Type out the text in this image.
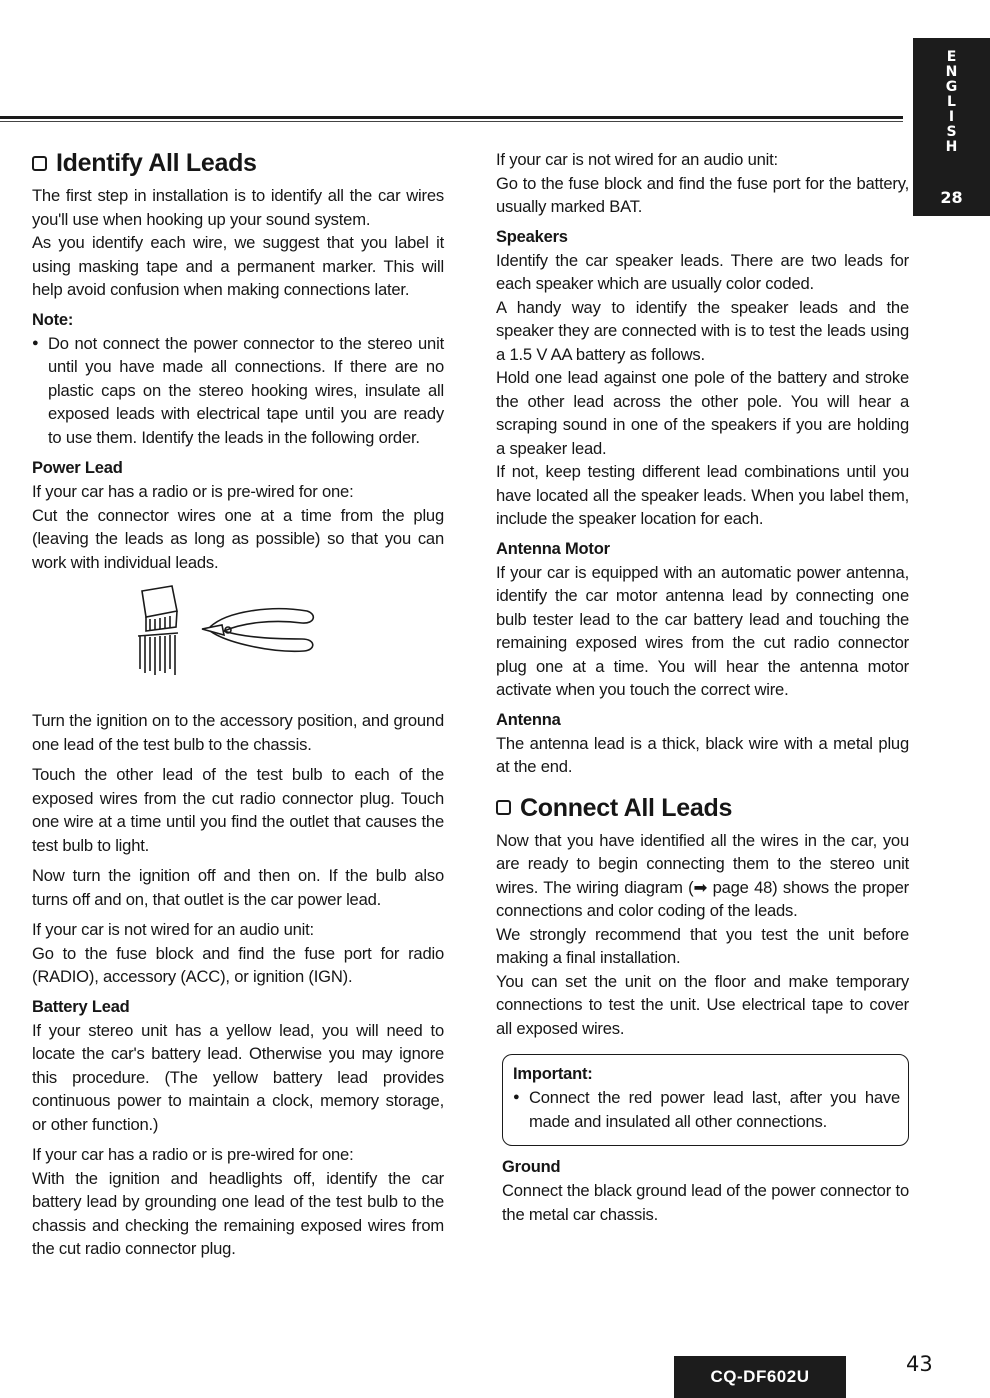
E
N
G
L
I
S
H
28
Identify All Leads

The first step in installation is to identify all the car wires you'll use when hooking up your sound system.

As you identify each wire, we suggest that you label it using masking tape and a permanent marker. This will help avoid confusion when making connections later.

Note:
● Do not connect the power connector to the stereo unit until you have made all connections. If there are no plastic caps on the stereo hooking wires, insulate all exposed leads with electrical tape until you are ready to use them. Identify the leads in the following order.
Power Lead

If your car has a radio or is pre-wired for one:

Cut the connector wires one at a time from the plug (leaving the leads as long as possible) so that you can work with individual leads.

Turn the ignition on to the accessory position, and ground one lead of the test bulb to the chassis.

Touch the other lead of the test bulb to each of the exposed wires from the cut radio connector plug. Touch one wire at a time until you find the outlet that causes the test bulb to light.

Now turn the ignition off and then on. If the bulb also turns off and on, that outlet is the car power lead.

If your car is not wired for an audio unit:

Go to the fuse block and find the fuse port for radio (RADIO), accessory (ACC), or ignition (IGN).

Battery Lead

If your stereo unit has a yellow lead, you will need to locate the car's battery lead. Otherwise you may ignore this procedure. (The yellow battery lead provides continuous power to maintain a clock, memory storage, or other function.)

If your car has a radio or is pre-wired for one:

With the ignition and headlights off, identify the car battery lead by grounding one lead of the test bulb to the chassis and checking the remaining exposed wires from the cut radio connector plug.

If your car is not wired for an audio unit:

Go to the fuse block and find the fuse port for the battery, usually marked BAT.

Speakers

Identify the car speaker leads. There are two leads for each speaker which are usually color coded.

A handy way to identify the speaker leads and the speaker they are connected with is to test the leads using a 1.5 V AA battery as follows.

Hold one lead against one pole of the battery and stroke the other lead across the other pole. You will hear a scraping sound in one of the speakers if you are holding a speaker lead.

If not, keep testing different lead combinations until you have located all the speaker leads. When you label them, include the speaker location for each.

Antenna Motor

If your car is equipped with an automatic power antenna, identify the car motor antenna lead by connecting one bulb tester lead to the car battery lead and touching the remaining exposed wires from the cut radio connector plug one at a time. You will hear the antenna motor activate when you touch the correct wire.

Antenna

The antenna lead is a thick, black wire with a metal plug at the end.

Connect All Leads

Now that you have identified all the wires in the car, you are ready to begin connecting them to the stereo unit wires. The wiring diagram (➡ page 48) shows the proper connections and color coding of the leads.

We strongly recommend that you test the unit before making a final installation.

You can set the unit on the floor and make temporary connections to test the unit. Use electrical tape to cover all exposed wires.

Important:
● Connect the red power lead last, after you have made and insulated all other connections.
Ground

Connect the black ground lead of the power connector to the metal car chassis.

CQ-DF602U
43
